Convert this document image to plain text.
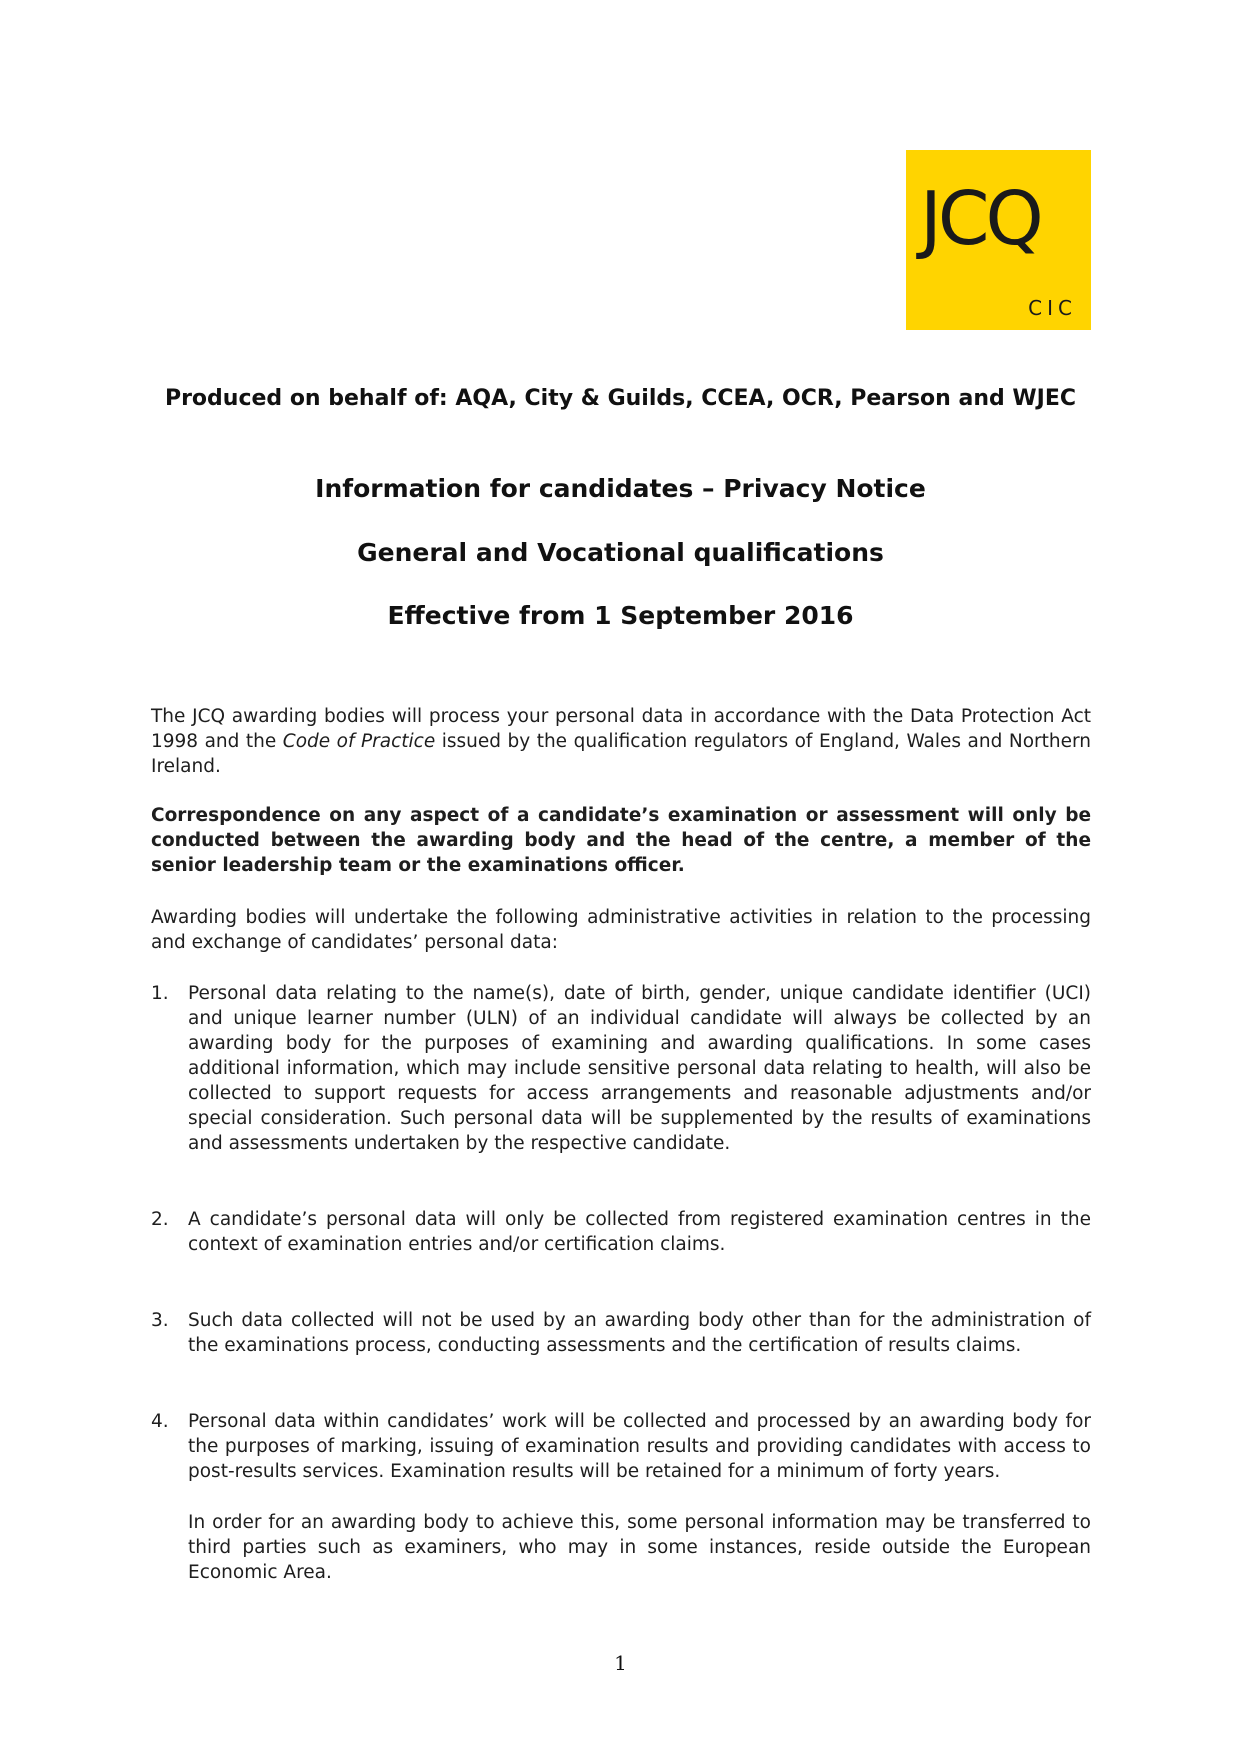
JCQ
CIC
Produced on behalf of: AQA, City & Guilds, CCEA, OCR, Pearson and WJEC
Information for candidates – Privacy Notice
General and Vocational qualifications
Effective from 1 September 2016
The JCQ awarding bodies will process your personal data in accordance with the Data Protection Act 1998 and the Code of Practice issued by the qualification regulators of England, Wales and Northern Ireland.
Correspondence on any aspect of a candidate’s examination or assessment will only be conducted between the awarding body and the head of the centre, a member of the senior leadership team or the examinations officer.
Awarding bodies will undertake the following administrative activities in relation to the processing and exchange of candidates’ personal data:
1. Personal data relating to the name(s), date of birth, gender, unique candidate identifier (UCI) and unique learner number (ULN) of an individual candidate will always be collected by an awarding body for the purposes of examining and awarding qualifications. In some cases additional information, which may include sensitive personal data relating to health, will also be collected to support requests for access arrangements and reasonable adjustments and/or special consideration. Such personal data will be supplemented by the results of examinations and assessments undertaken by the respective candidate.
2. A candidate’s personal data will only be collected from registered examination centres in the context of examination entries and/or certification claims.
3. Such data collected will not be used by an awarding body other than for the administration of the examinations process, conducting assessments and the certification of results claims.
4. Personal data within candidates’ work will be collected and processed by an awarding body for the purposes of marking, issuing of examination results and providing candidates with access to post-results services. Examination results will be retained for a minimum of forty years.
In order for an awarding body to achieve this, some personal information may be transferred to third parties such as examiners, who may in some instances, reside outside the European Economic Area.
1
